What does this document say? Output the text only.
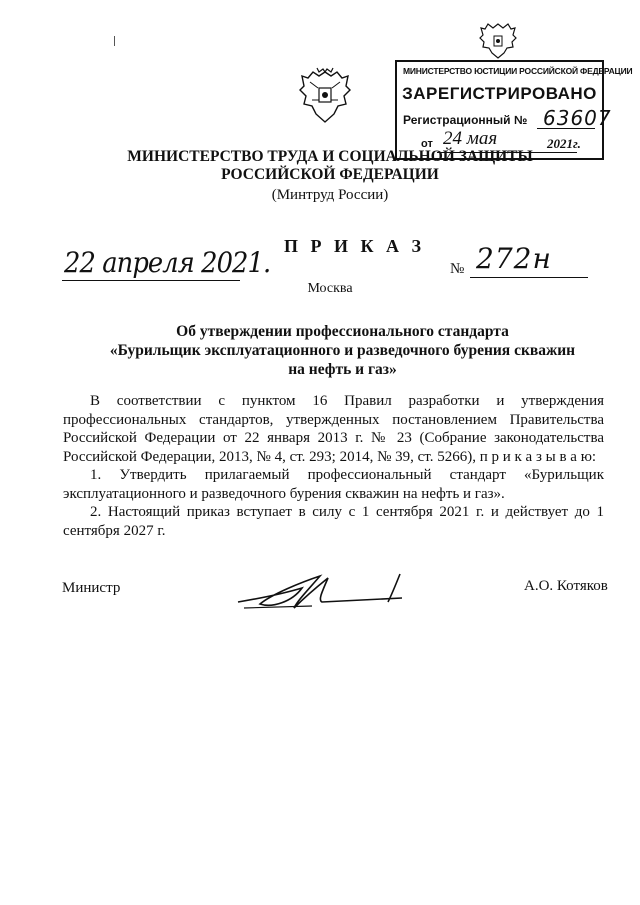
МИНИСТЕРСТВО ЮСТИЦИИ РОССИЙСКОЙ ФЕДЕРАЦИИ
ЗАРЕГИСТРИРОВАНО
Регистрационный № 63607
от 24 мая	2021г.
МИНИСТЕРСТВО ТРУДА И СОЦИАЛЬНОЙ ЗАЩИТЫ
РОССИЙСКОЙ ФЕДЕРАЦИИ
(Минтруд России)
П Р И К А З
22 апреля 2021.	№ 272н
Москва
Об утверждении профессионального стандарта
«Бурильщик эксплуатационного и разведочного бурения скважин
на нефть и газ»

В соответствии с пунктом 16 Правил разработки и утверждения профессиональных стандартов, утвержденных постановлением Правительства Российской Федерации от 22 января 2013 г. № 23 (Собрание законодательства Российской Федерации, 2013, № 4, ст. 293; 2014, № 39, ст. 5266), п р и к а з ы в а ю:

1. Утвердить прилагаемый профессиональный стандарт «Бурильщик эксплуатационного и разведочного бурения скважин на нефть и газ».

2. Настоящий приказ вступает в силу с 1 сентября 2021 г. и действует до 1 сентября 2027 г.

Министр	А.О. Котяков
